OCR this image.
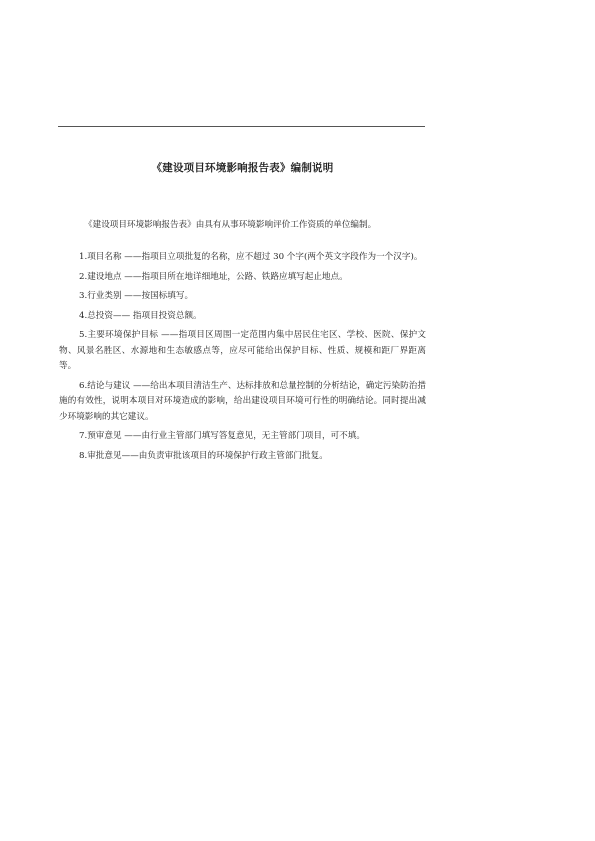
《建设项目环境影响报告表》编制说明

《建设项目环境影响报告表》由具有从事环境影响评价工作资质的单位编制。

1.项目名称 ——指项目立项批复的名称，应不超过 30 个字(两个英文字段作为一个汉字)。
2.建设地点 ——指项目所在地详细地址，公路、铁路应填写起止地点。
3.行业类别 ——按国标填写。
4.总投资—— 指项目投资总额。
5.主要环境保护目标 ——指项目区周围一定范围内集中居民住宅区、学校、医院、保护文物、风景名胜区、水源地和生态敏感点等，应尽可能给出保护目标、性质、规模和距厂界距离等。
6.结论与建议 ——给出本项目清洁生产、达标排放和总量控制的分析结论，确定污染防治措施的有效性，说明本项目对环境造成的影响，给出建设项目环境可行性的明确结论。同时提出减少环境影响的其它建议。
7.预审意见 ——由行业主管部门填写答复意见，无主管部门项目，可不填。
8.审批意见——由负责审批该项目的环境保护行政主管部门批复。
